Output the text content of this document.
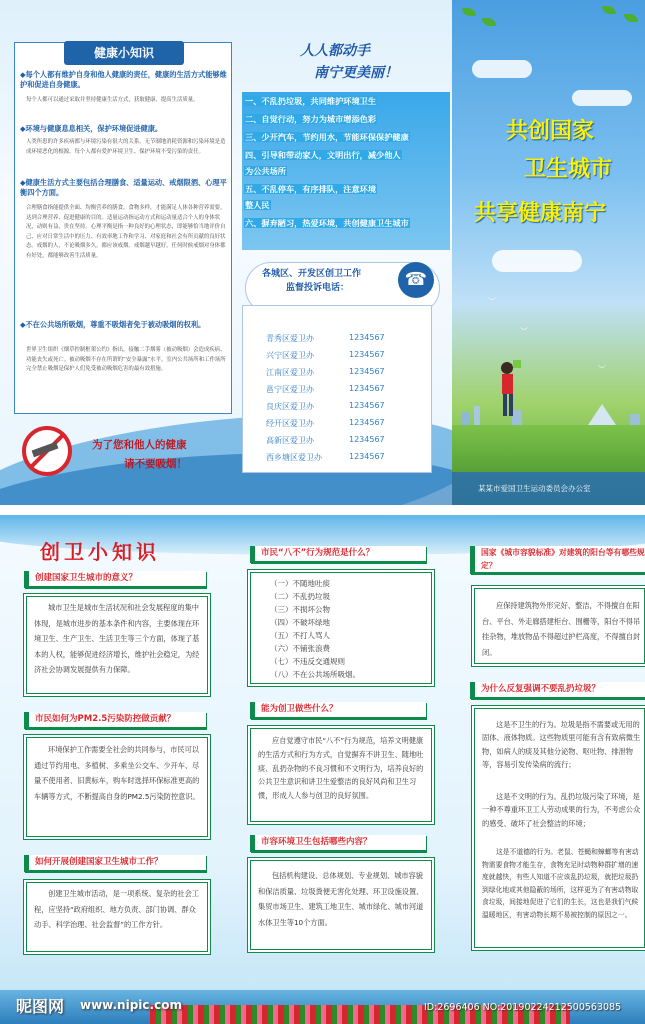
健康小知识
◆每个人都有维护自身和他人健康的责任，健康的生活方式能够维护和促进自身健康。
每个人都可以通过采取并坚持健康生活方式，获取健康，提高生活质量。
◆环境与健康息息相关，保护环境促进健康。
人类所患的许多疾病都与环境污染有很大的关系。无节制地消耗资源和污染环境是造成环境恶化的根源。每个人都有爱护环境卫生、保护环境不受污染的责任。
◆健康生活方式主要包括合理膳食、适量运动、戒烟限酒、心理平衡四个方面。
合理膳食指能提供全面、均衡营养的膳食。食物多样，才能满足人体各种营养需要，达到合理营养、促进健康的目的。适量运动指运动方式和运动量适合个人的身体状况，动则有益，贵在坚持。心理平衡是指一种良好的心理状态，即能够恰当地评价自己、应对日常生活中的压力、有效率地工作和学习、对家庭和社会有所贡献的良好状态。戒烟的人，不论吸烟多久，都应该戒烟。戒烟越早越好，任何时候戒烟对身体都有好处，都能够改善生活质量。
◆不在公共场所吸烟，尊重不吸烟者免于被动吸烟的权利。
世界卫生组织《烟草控制框架公约》指出，接触二手烟雾（被动吸烟）会造成疾病、功能丧失或死亡。被动吸烟不存在所谓的“安全暴露”水平。室内公共场所和工作场所完全禁止吸烟是保护人们免受被动吸烟危害的最有效措施。
为了您和他人的健康
请不要吸烟！
人人都动手
南宁更美丽！
一、不乱扔垃圾，共同维护环境卫生
二、自觉行动，努力为城市增添色彩
三、少开汽车，节约用水，节能环保保护健康
四、引导和带动家人，文明出行，减少他人
为公共场所
五、不乱停车，有序排队，注意环境
整人民
六、摒弃陋习，热爱环境，共创健康卫生城市
各城区、开发区创卫工作
监督投诉电话：	☎
青秀区爱卫办	1234567
兴宁区爱卫办	1234567
江南区爱卫办	1234567
邕宁区爱卫办	1234567
良庆区爱卫办	1234567
经开区爱卫办	1234567
高新区爱卫办	1234567
西乡塘区爱卫办	1234567
共创国家
卫生城市
共享健康南宁
︶
︶
︶
某某市爱国卫生运动委员会办公室
创卫小知识
创建国家卫生城市的意义？
城市卫生是城市生活状况和社会发展程度的集中体现，是城市进步的基本条件和内容，主要体现在环境卫生、生产卫生、生活卫生等三个方面，体现了基本的人权，能够促进经济增长，维护社会稳定，为经济社会协调发展提供有力保障。
市民如何为PM2.5污染防控做贡献？
环境保护工作需要全社会的共同参与，市民可以通过节约用电、多植树、多乘坐公交车、少开车、尽量不使用者、旧黄标车，购车时选择环保标准更高的车辆等方式，不断提高自身的PM2.5污染防控意识。
如何开展创建国家卫生城市工作？
创建卫生城市活动，是一项系统、复杂的社会工程，应坚持“政府组织、地方负责、部门协调、群众动手、科学治理、社会监督”的工作方针。
市民“八不”行为规范是什么？
（一）不随地吐痰
（二）不乱扔垃圾
（三）不损坏公物
（四）不破坏绿地
（五）不打人骂人
（六）不铺张浪费
（七）不违反交通规则
（八）不在公共场所吸烟。
能为创卫做些什么？
应自觉遵守市民“八不”行为规范，培养文明健康的生活方式和行为方式，自觉摒弃不讲卫生、随地吐痰、乱扔杂物的不良习惯和不文明行为，培养良好的公共卫生意识和讲卫生爱整洁的良好风尚和卫生习惯，形成人人参与创卫的良好氛围。
市容环境卫生包括哪些内容？
包括机构建设、总体规划、专业规划、城市容貌和保洁质量、垃圾粪便无害化处理、环卫设施设置、集贸市场卫生、建筑工地卫生、城市绿化、城市河道水体卫生等10个方面。
国家《城市容貌标准》对建筑的阳台等有哪些规定？
应保持建筑物外形完好、整洁，不得擅自在阳台、平台、外走廊搭建柜台、围栅等，阳台不得吊挂杂物，堆放物品不得超过护栏高度，不得擅自封闭。
为什么反复强调不要乱扔垃圾？
这是不卫生的行为。垃圾是指不需要或无用的固体、液体物质。这些物质里可能有含有致病微生物，如病人的痰及其他分泌物、呕吐物、排泄物等，容易引发传染病的流行；
这是不文明的行为。乱扔垃圾污染了环境，是一种不尊重环卫工人劳动成果的行为，不考虑公众的感受、破坏了社会整洁的环境；
这是不道德的行为。老鼠、苍蝇和蟑螂等有害动物需要食物才能生存，食物充足时动物种群扩增的速度就越快，有些人知道不应该乱扔垃圾，就把垃圾扔到绿化地或其他隐蔽的场所，这样更为了有害动物取食垃圾，间接地促进了它们的生长，这也是我们气候温暖地区，有害动物长期不易被控制的原因之一。
昵图网 www.nipic.com	ID:2696406 NO:20190224212500563085
